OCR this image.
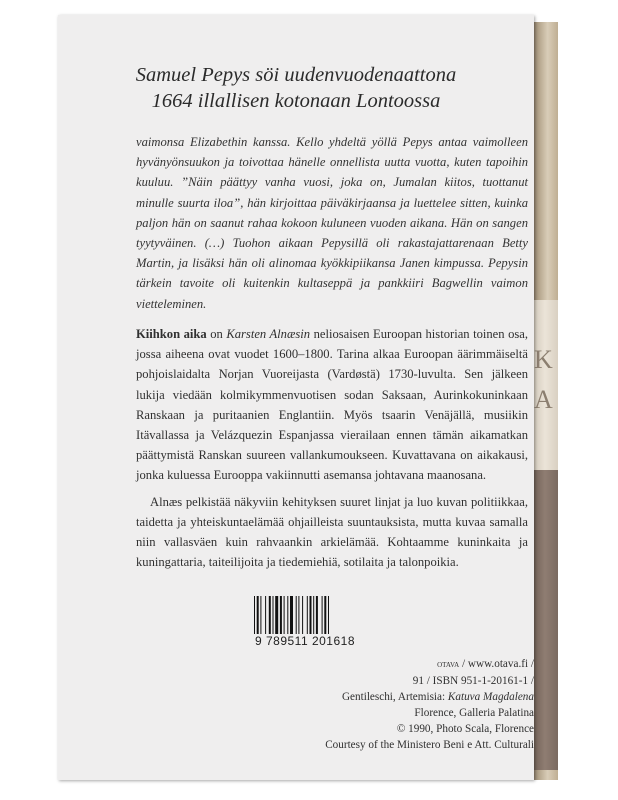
K A
Samuel Pepys söi uudenvuodenaattona
1664 illallisen kotonaan Lontoossa
vaimonsa Elizabethin kanssa. Kello yhdeltä yöllä Pepys antaa vaimolleen hyvänyönsuukon ja toivottaa hänelle onnellista uutta vuotta, kuten tapoihin kuuluu. ”Näin päättyy vanha vuosi, joka on, Jumalan kiitos, tuottanut minulle suurta iloa”, hän kirjoittaa päiväkirjaansa ja luettelee sitten, kuinka paljon hän on saanut rahaa kokoon kuluneen vuoden aikana. Hän on sangen tyytyväinen. (…) Tuohon aikaan Pepysillä oli rakastajattarenaan Betty Martin, ja lisäksi hän oli alinomaa kyökkipiikansa Janen kimpussa. Pepysin tärkein tavoite oli kuitenkin kultaseppä ja pankkiiri Bagwellin vaimon vietteleminen.

Kiihkon aika on Karsten Alnæsin neliosaisen Euroopan historian toinen osa, jossa aiheena ovat vuodet 1600–1800. Tarina alkaa Euroopan äärimmäiseltä pohjoislaidalta Norjan Vuoreijasta (Vardøstä) 1730-luvulta. Sen jälkeen lukija viedään kolmikymmenvuotisen sodan Saksaan, Aurinkokuninkaan Ranskaan ja puritaanien Englantiin. Myös tsaarin Venäjällä, musiikin Itävallassa ja Velázquezin Espanjassa vierailaan ennen tämän aikamatkan päättymistä Ranskan suureen vallankumoukseen. Kuvattavana on aikakausi, jonka kuluessa Eurooppa vakiinnutti asemansa johtavana maanosana.

Alnæs pelkistää näkyviin kehityksen suuret linjat ja luo kuvan politiikkaa, taidetta ja yhteiskuntaelämää ohjailleista suuntauksista, mutta kuvaa samalla niin vallasväen kuin rahvaankin arkielämää. Kohtaamme kuninkaita ja kuningattaria, taiteilijoita ja tiedemiehiä, sotilaita ja talonpoikia.

9 789511 201618
otava / www.otava.fi /
91 / ISBN 951-1-20161-1 /
Gentileschi, Artemisia: Katuva Magdalena
Florence, Galleria Palatina
© 1990, Photo Scala, Florence
Courtesy of the Ministero Beni e Att. Culturali
